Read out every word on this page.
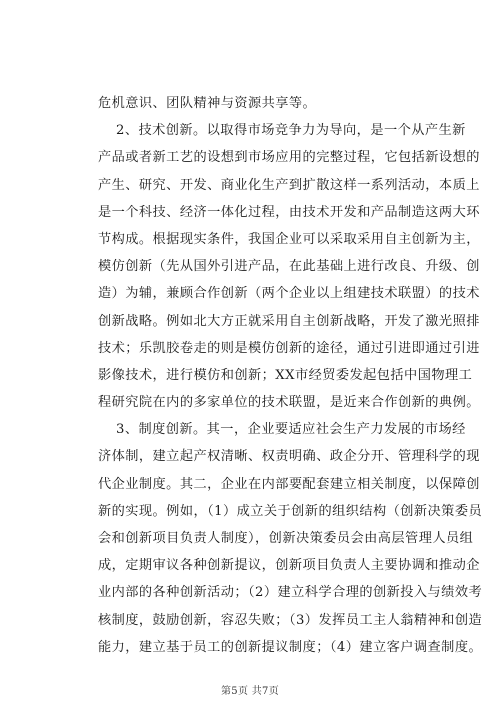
危机意识、团队精神与资源共享等。
2、技术创新。以取得市场竞争力为导向，是一个从产生新
产品或者新工艺的设想到市场应用的完整过程，它包括新设想的
产生、研究、开发、商业化生产到扩散这样一系列活动，本质上
是一个科技、经济一体化过程，由技术开发和产品制造这两大环
节构成。根据现实条件，我国企业可以采取采用自主创新为主，
模仿创新（先从国外引进产品，在此基础上进行改良、升级、创
造）为辅，兼顾合作创新（两个企业以上组建技术联盟）的技术
创新战略。例如北大方正就采用自主创新战略，开发了激光照排
技术；乐凯胶卷走的则是模仿创新的途径，通过引进即通过引进
影像技术，进行模仿和创新；XX市经贸委发起包括中国物理工
程研究院在内的多家单位的技术联盟，是近来合作创新的典例。
3、制度创新。其一，企业要适应社会生产力发展的市场经
济体制，建立起产权清晰、权责明确、政企分开、管理科学的现
代企业制度。其二，企业在内部要配套建立相关制度，以保障创
新的实现。例如，（1）成立关于创新的组织结构（创新决策委员
会和创新项目负责人制度），创新决策委员会由高层管理人员组
成，定期审议各种创新提议，创新项目负责人主要协调和推动企
业内部的各种创新活动；（2）建立科学合理的创新投入与绩效考
核制度，鼓励创新，容忍失败；（3）发挥员工主人翁精神和创造
能力，建立基于员工的创新提议制度；（4）建立客户调查制度。
第5页 共7页
